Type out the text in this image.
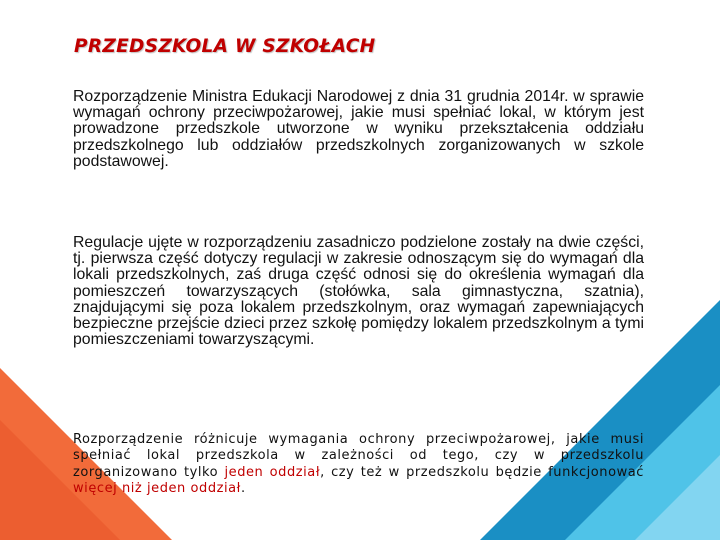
PRZEDSZKOLA W SZKOŁACH

Rozporządzenie Ministra Edukacji Narodowej z dnia 31 grudnia 2014r. w sprawie wymagań ochrony przeciwpożarowej, jakie musi spełniać lokal, w którym jest prowadzone przedszkole utworzone w wyniku przekształcenia oddziału przedszkolnego lub oddziałów przedszkolnych zorganizowanych w szkole podstawowej.

Regulacje ujęte w rozporządzeniu zasadniczo podzielone zostały na dwie części, tj. pierwsza część dotyczy regulacji w zakresie odnoszącym się do wymagań dla lokali przedszkolnych, zaś druga część odnosi się do określenia wymagań dla pomieszczeń towarzyszących (stołówka, sala gimnastyczna, szatnia), znajdującymi się poza lokalem przedszkolnym, oraz wymagań zapewniających bezpieczne przejście dzieci przez szkołę pomiędzy lokalem przedszkolnym a tymi pomieszczeniami towarzyszącymi.

Rozporządzenie różnicuje wymagania ochrony przeciwpożarowej, jakie musi spełniać lokal przedszkola w zależności od tego, czy w przedszkolu zorganizowano tylko jeden oddział, czy też w przedszkolu będzie funkcjonować więcej niż jeden oddział.
